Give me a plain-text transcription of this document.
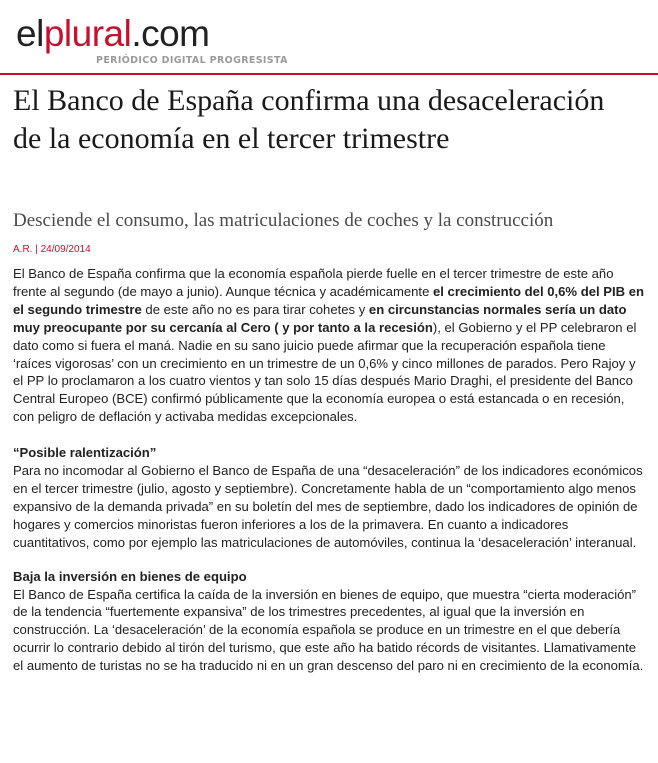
elplural.com
PERIÓDICO DIGITAL PROGRESISTA
El Banco de España confirma una desaceleración de la economía en el tercer trimestre
Desciende el consumo, las matriculaciones de coches y la construcción
A.R. | 24/09/2014

El Banco de España confirma que la economía española pierde fuelle en el tercer trimestre de este año frente al segundo (de mayo a junio). Aunque técnica y académicamente el crecimiento del 0,6% del PIB en el segundo trimestre de este año no es para tirar cohetes y en circunstancias normales sería un dato muy preocupante por su cercanía al Cero ( y por tanto a la recesión), el Gobierno y el PP celebraron el dato como si fuera el maná. Nadie en su sano juicio puede afirmar que la recuperación española tiene ‘raíces vigorosas’ con un crecimiento en un trimestre de un 0,6% y cinco millones de parados. Pero Rajoy y el PP lo proclamaron a los cuatro vientos y tan solo 15 días después Mario Draghi, el presidente del Banco Central Europeo (BCE) confirmó públicamente que la economía europea o está estancada o en recesión, con peligro de deflación y activaba medidas excepcionales.

“Posible ralentización”

Para no incomodar al Gobierno el Banco de España de una “desaceleración” de los indicadores económicos en el tercer trimestre (julio, agosto y septiembre). Concretamente habla de un “comportamiento algo menos expansivo de la demanda privada” en su boletín del mes de septiembre, dado los indicadores de opinión de hogares y comercios minoristas fueron inferiores a los de la primavera. En cuanto a indicadores cuantitativos, como por ejemplo las matriculaciones de automóviles, continua la ‘desaceleración’ interanual.

Baja la inversión en bienes de equipo

El Banco de España certifica la caída de la inversión en bienes de equipo, que muestra “cierta moderación” de la tendencia “fuertemente expansiva” de los trimestres precedentes, al igual que la inversión en construcción. La ‘desaceleración’ de la economía española se produce en un trimestre en el que debería ocurrir lo contrario debido al tirón del turismo, que este año ha batido récords de visitantes. Llamativamente el aumento de turistas no se ha traducido ni en un gran descenso del paro ni en crecimiento de la economía.
